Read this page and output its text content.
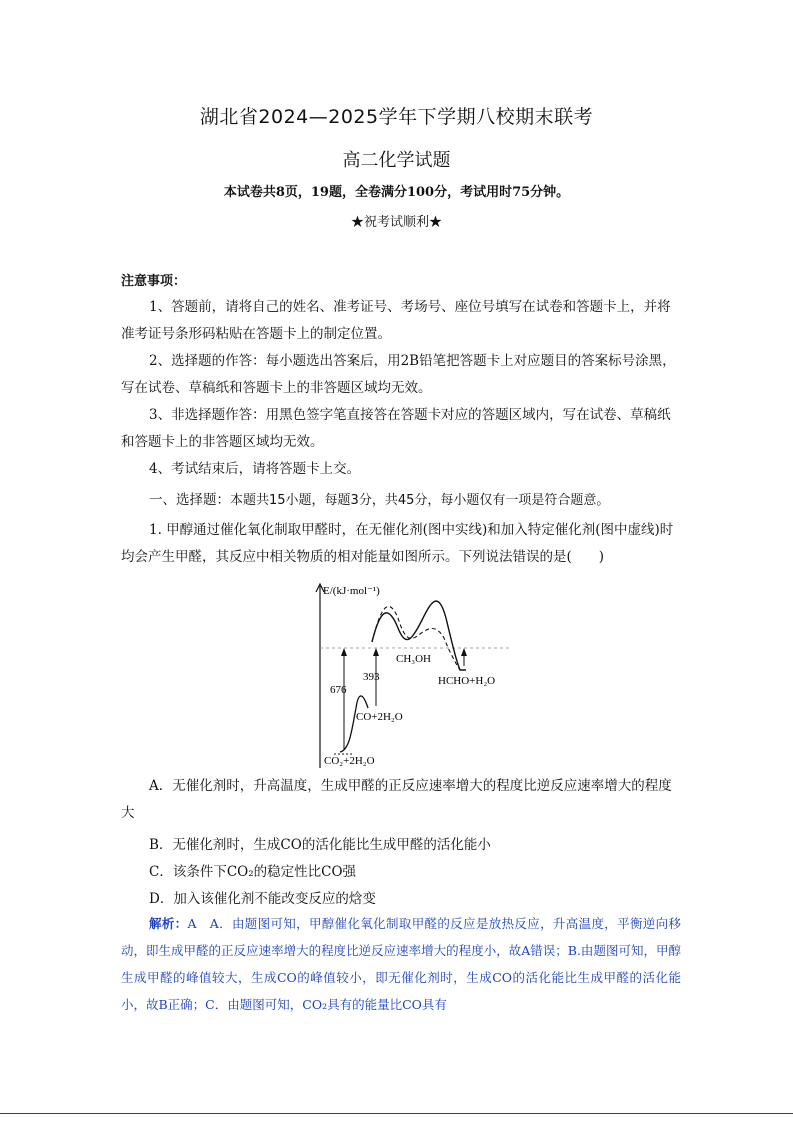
湖北省2024—2025学年下学期八校期末联考
高二化学试题
本试卷共8页，19题，全卷满分100分，考试用时75分钟。
★祝考试顺利★
注意事项：
1、答题前，请将自己的姓名、准考证号、考场号、座位号填写在试卷和答题卡上，并将准考证号条形码粘贴在答题卡上的制定位置。
2、选择题的作答：每小题选出答案后，用2B铅笔把答题卡上对应题目的答案标号涂黑，写在试卷、草稿纸和答题卡上的非答题区域均无效。
3、非选择题作答：用黑色签字笔直接答在答题卡对应的答题区域内，写在试卷、草稿纸和答题卡上的非答题区域均无效。
4、考试结束后，请将答题卡上交。
一、选择题：本题共15小题，每题3分，共45分，每小题仅有一项是符合题意。
1. 甲醇通过催化氧化制取甲醛时，在无催化剂(图中实线)和加入特定催化剂(图中虚线)时均会产生甲醛，其反应中相关物质的相对能量如图所示。下列说法错误的是(　　)
E/(kJ·mol⁻¹)
676
393
CH₃OH
HCHO+H₂O
CO+2H₂O
CO₂+2H₂O
A．无催化剂时，升高温度，生成甲醛的正反应速率增大的程度比逆反应速率增大的程度大
B．无催化剂时，生成CO的活化能比生成甲醛的活化能小
C．该条件下CO₂的稳定性比CO强
D．加入该催化剂不能改变反应的焓变
解析：A　A．由题图可知，甲醇催化氧化制取甲醛的反应是放热反应，升高温度，平衡逆向移动，即生成甲醛的正反应速率增大的程度比逆反应速率增大的程度小，故A错误；B.由题图可知，甲醇生成甲醛的峰值较大，生成CO的峰值较小，即无催化剂时，生成CO的活化能比生成甲醛的活化能小，故B正确；C．由题图可知，CO₂具有的能量比CO具有
